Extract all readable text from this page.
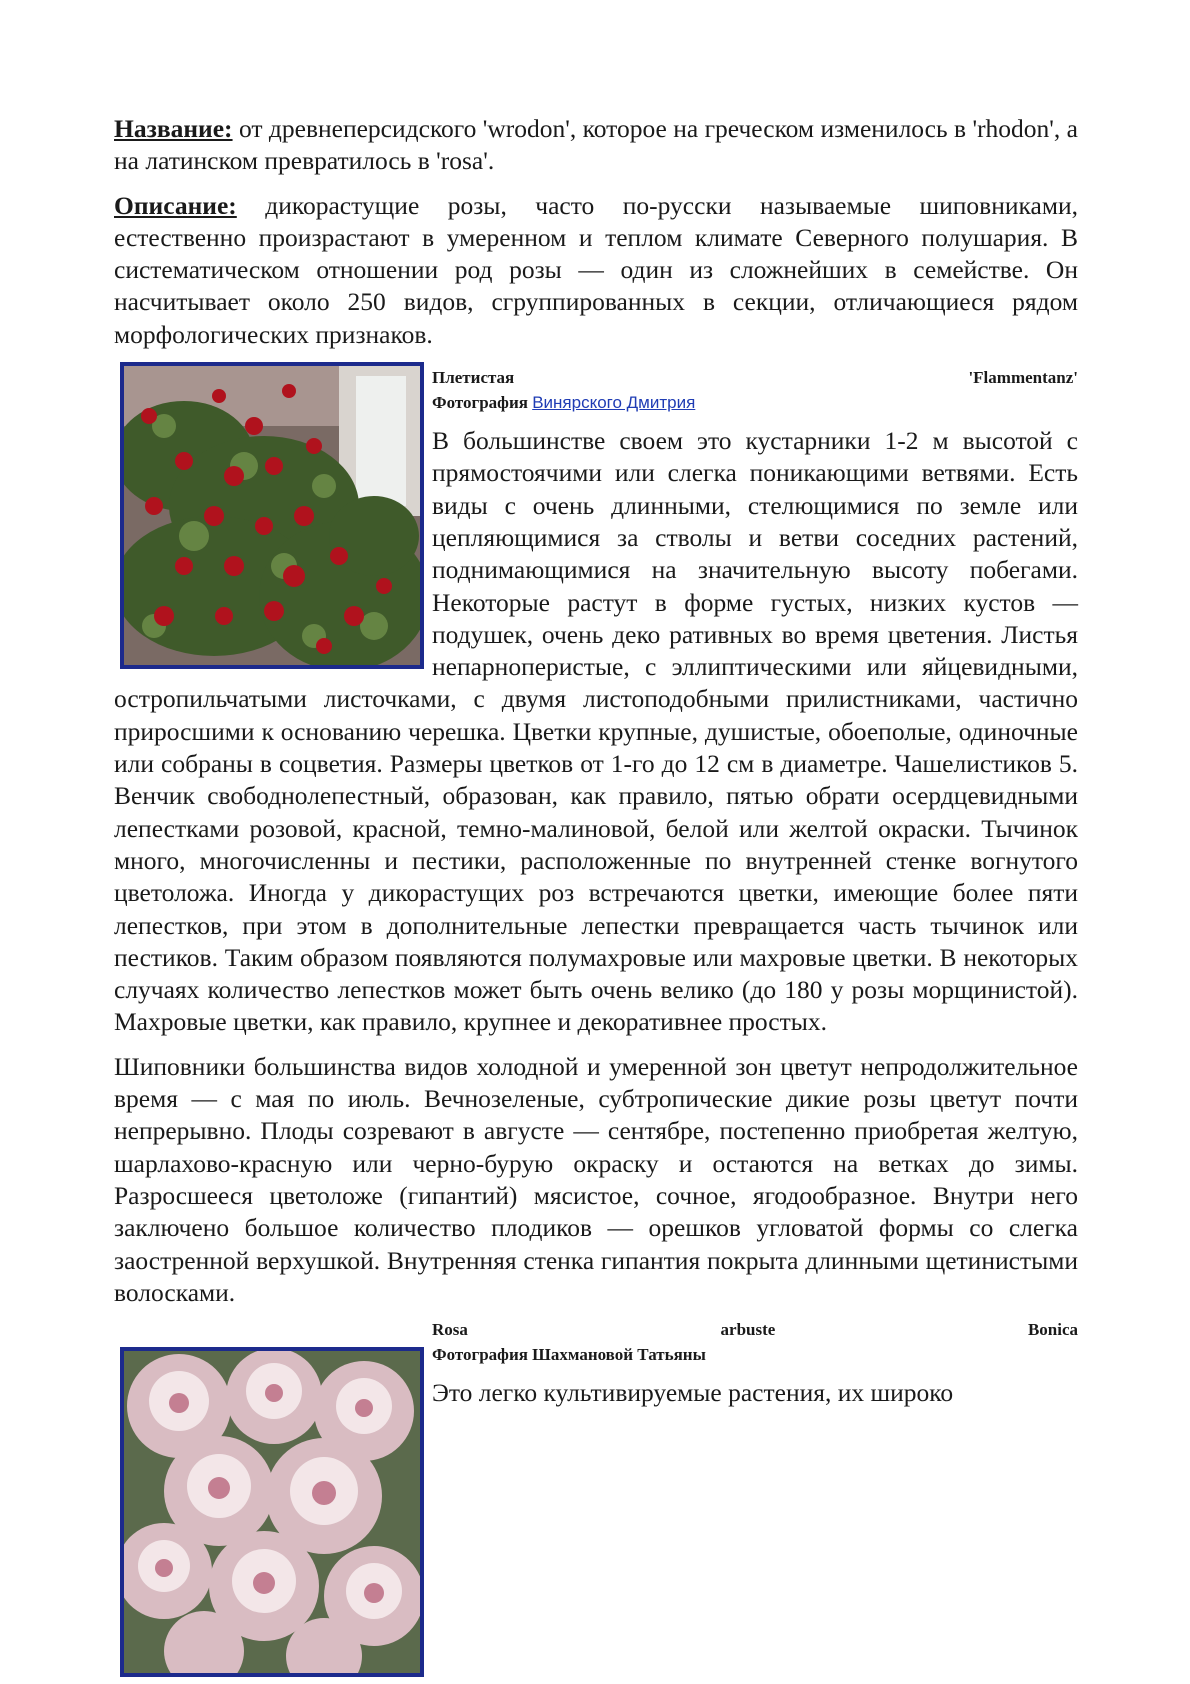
Название: от древнеперсидского 'wrodon', которое на греческом изменилось в 'rhodon', а на латинском превратилось в 'rosa'.

Описание: дикорастущие розы, часто по-русски называемые шиповниками, естественно произрастают в умеренном и теплом климате Северного полушария. В систематическом отношении род розы — один из сложнейших в семействе. Он насчитывает около 250 видов, сгруппированных в секции, отличающиеся рядом морфологических признаков.

Плетистая	'Flammentanz'
Фотография Винярского Дмитрия

В большинстве своем это кустарники 1-2 м высотой с прямостоячими или слегка поникающими ветвями. Есть виды с очень длинными, стелющимися по земле или цепляющимися за стволы и ветви соседних растений, поднимающимися на значительную высоту побегами. Некоторые растут в форме густых, низких кустов — подушек, очень деко ративных во время цветения. Листья непарноперистые, с эллиптическими или яйцевидными, остропильчатыми листочками, с двумя листоподобными прилистниками, частично приросшими к основанию черешка. Цветки крупные, душистые, обоеполые, одиночные или собраны в соцветия. Размеры цветков от 1-го до 12 см в диаметре. Чашелистиков 5. Венчик свободнолепестный, образован, как правило, пятью обрати осердцевидными лепестками розовой, красной, темно-малиновой, белой или желтой окраски. Тычинок много, многочисленны и пестики, расположенные по внутренней стенке вогнутого цветоложа. Иногда у дикорастущих роз встречаются цветки, имеющие более пяти лепестков, при этом в дополнительные лепестки превращается часть тычинок или пестиков. Таким образом появляются полумахровые или махровые цветки. В некоторых случаях количество лепестков может быть очень велико (до 180 у розы морщинистой). Махровые цветки, как правило, крупнее и декоративнее простых.

Шиповники большинства видов холодной и умеренной зон цветут непродолжительное время — с мая по июль. Вечнозеленые, субтропические дикие розы цветут почти непрерывно. Плоды созревают в августе — сентябре, постепенно приобретая желтую, шарлахово-красную или черно-бурую окраску и остаются на ветках до зимы. Разросшееся цветоложе (гипантий) мясистое, сочное, ягодообразное. Внутри него заключено большое количество плодиков — орешков угловатой формы со слегка заостренной верхушкой. Внутренняя стенка гипантия покрыта длинными щетинистыми волосками.

Rosa	arbuste	Bonica
Фотография Шахмановой Татьяны

Это легко культивируемые растения, их широко
